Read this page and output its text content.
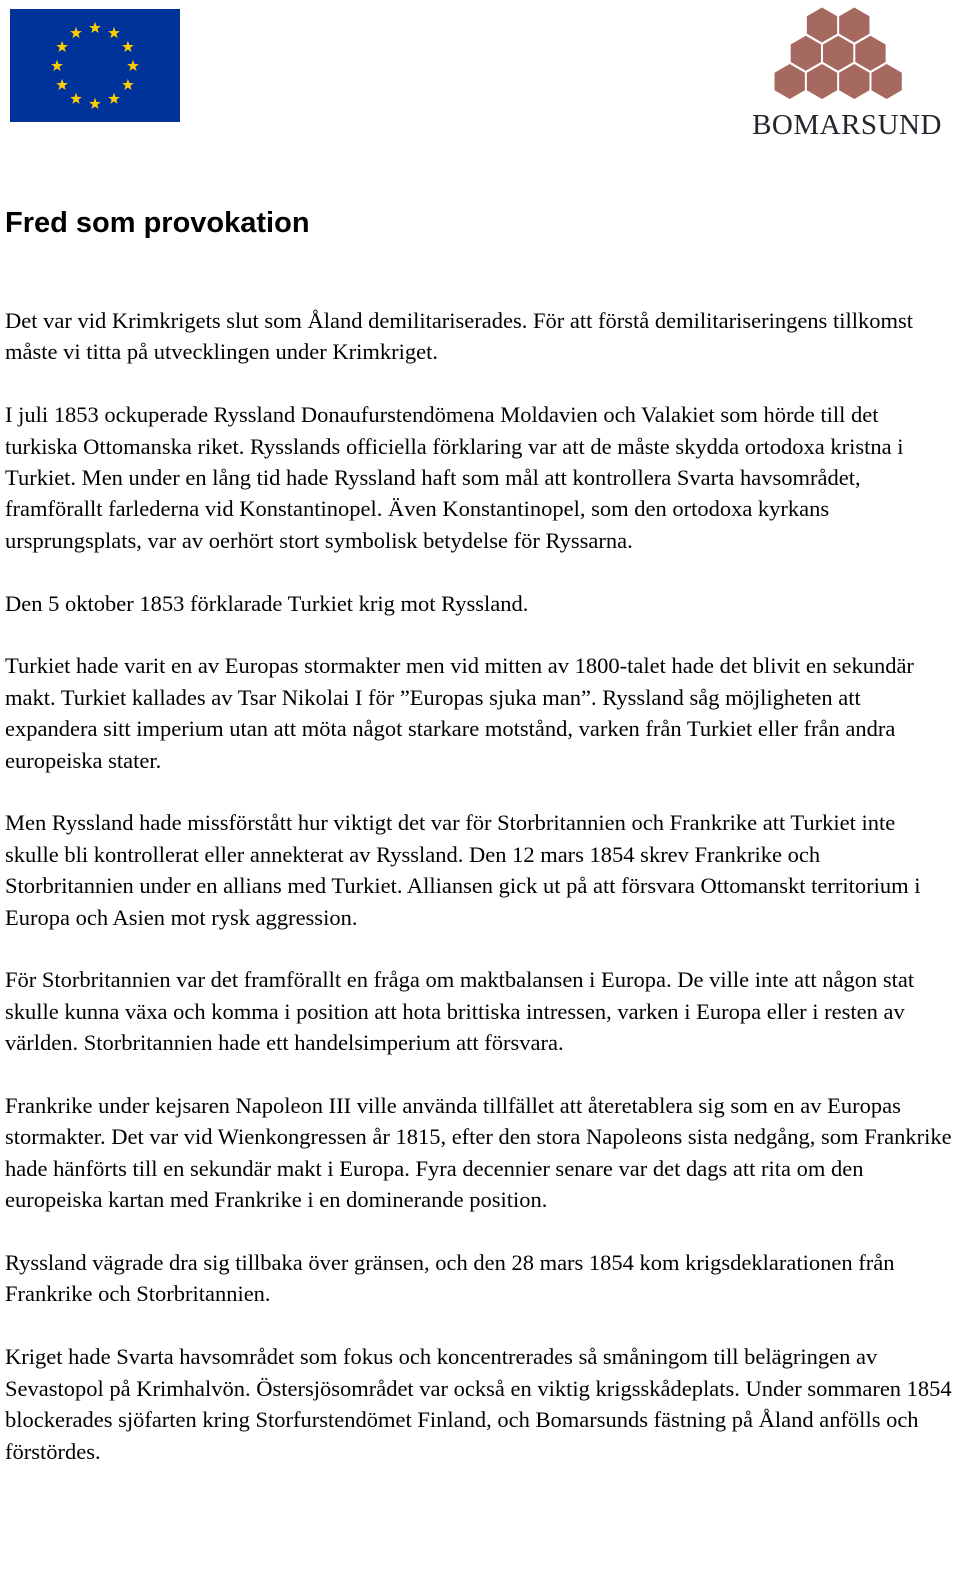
BOMARSUND
Fred som provokation

Det var vid Krimkrigets slut som Åland demilitariserades. För att förstå demilitariseringens tillkomst måste vi titta på utvecklingen under Krimkriget.

I juli 1853 ockuperade Ryssland Donaufurstendömena Moldavien och Valakiet som hörde till det turkiska Ottomanska riket. Rysslands officiella förklaring var att de måste skydda ortodoxa kristna i Turkiet. Men under en lång tid hade Ryssland haft som mål att kontrollera Svarta havsområdet, framförallt farlederna vid Konstantinopel. Även Konstantinopel, som den ortodoxa kyrkans ursprungsplats, var av oerhört stort symbolisk betydelse för Ryssarna.

Den 5 oktober 1853 förklarade Turkiet krig mot Ryssland.

Turkiet hade varit en av Europas stormakter men vid mitten av 1800-talet hade det blivit en sekundär makt. Turkiet kallades av Tsar Nikolai I för ”Europas sjuka man”. Ryssland såg möjligheten att expandera sitt imperium utan att möta något starkare motstånd, varken från Turkiet eller från andra europeiska stater.

Men Ryssland hade missförstått hur viktigt det var för Storbritannien och Frankrike att Turkiet inte skulle bli kontrollerat eller annekterat av Ryssland. Den 12 mars 1854 skrev Frankrike och Storbritannien under en allians med Turkiet. Alliansen gick ut på att försvara Ottomanskt territorium i Europa och Asien mot rysk aggression.

För Storbritannien var det framförallt en fråga om maktbalansen i Europa. De ville inte att någon stat skulle kunna växa och komma i position att hota brittiska intressen, varken i Europa eller i resten av världen. Storbritannien hade ett handelsimperium att försvara.

Frankrike under kejsaren Napoleon III ville använda tillfället att återetablera sig som en av Europas stormakter. Det var vid Wienkongressen år 1815, efter den stora Napoleons sista nedgång, som Frankrike hade hänförts till en sekundär makt i Europa. Fyra decennier senare var det dags att rita om den europeiska kartan med Frankrike i en dominerande position.

Ryssland vägrade dra sig tillbaka över gränsen, och den 28 mars 1854 kom krigsdeklarationen från Frankrike och Storbritannien.

Kriget hade Svarta havsområdet som fokus och koncentrerades så småningom till belägringen av Sevastopol på Krimhalvön. Östersjösområdet var också en viktig krigsskådeplats. Under sommaren 1854 blockerades sjöfarten kring Storfurstendömet Finland, och Bomarsunds fästning på Åland anfölls och förstördes.
